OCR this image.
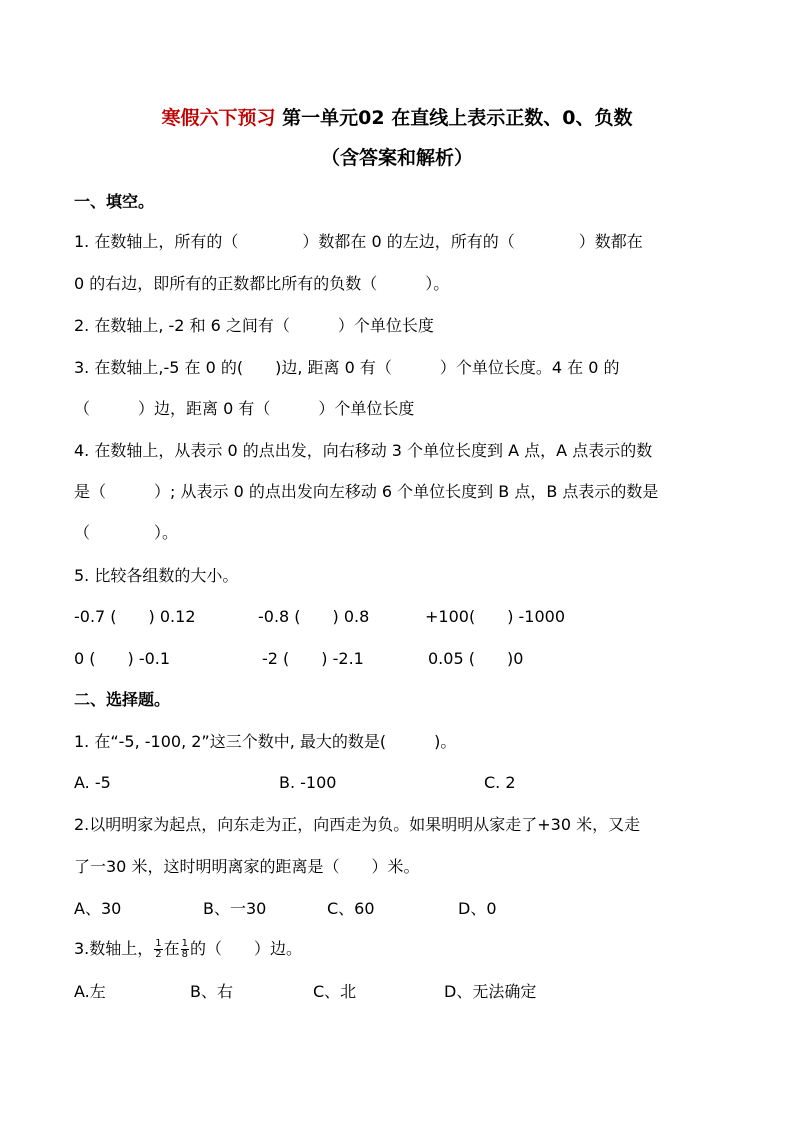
寒假六下预习 第一单元02 在直线上表示正数、0、负数
（含答案和解析）
一、填空。
1. 在数轴上，所有的（　　　　）数都在 0 的左边，所有的（　　　　）数都在
0 的右边，即所有的正数都比所有的负数（　　　）。
2. 在数轴上, -2 和 6 之间有（　　　）个单位长度
3. 在数轴上,-5 在 0 的(　　)边, 距离 0 有（　　　）个单位长度。4 在 0 的
（　　　）边，距离 0 有（　　　）个单位长度
4. 在数轴上，从表示 0 的点出发，向右移动 3 个单位长度到 A 点，A 点表示的数
是（　　　）; 从表示 0 的点出发向左移动 6 个单位长度到 B 点，B 点表示的数是
（　　　　）。
5. 比较各组数的大小。
-0.7 (　　) 0.12	-0.8 (　　) 0.8	+100(　　) -1000
0 (　　) -0.1	-2 (　　) -2.1	0.05 (　　)0
二、选择题。
1. 在“-5, -100, 2”这三个数中, 最大的数是(　　　)。
A. -5	B. -100	C. 2
2.以明明家为起点，向东走为正，向西走为负。如果明明从家走了+30 米，又走
了一30 米，这时明明离家的距离是（　　）米。
A、30	B、一30	C、60	D、0
3.数轴上， $\frac{1}{2}$ 在 $\frac{1}{8}$ 的（　　）边。
A.左	B、右	C、北	D、无法确定
